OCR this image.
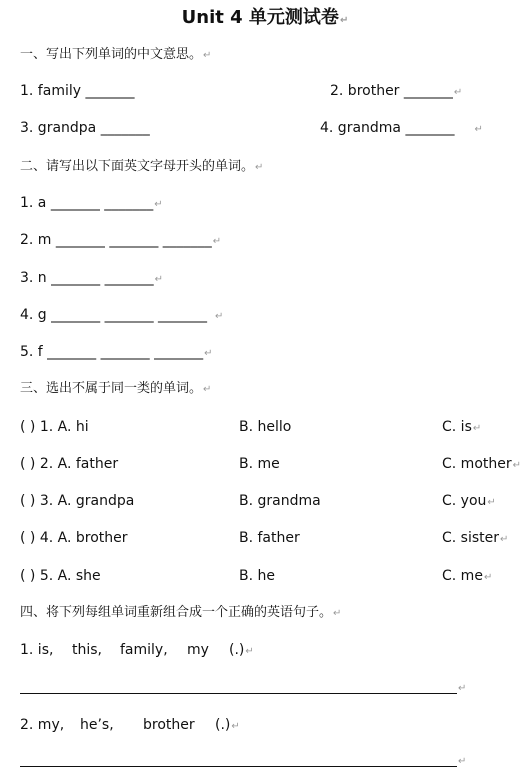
Unit 4 单元测试卷↵
一、写出下列单词的中文意思。↵
1. family _______	2. brother _______↵
3. grandpa _______	4. grandma _______ ↵
二、请写出以下面英文字母开头的单词。↵
1. a _______ _______↵
2. m _______ _______ _______↵
3. n _______ _______↵
4. g _______ _______ _______ ↵
5. f _______ _______ _______↵
三、选出不属于同一类的单词。↵
( ) 1. A. hi	B. hello	C. is↵
( ) 2. A. father	B. me	C. mother↵
( ) 3. A. grandpa	B. grandma	C. you↵
( ) 4. A. brother	B. father	C. sister↵
( ) 5. A. she	B. he	C. me↵
四、将下列每组单词重新组合成一个正确的英语句子。↵
1. is, this, family, my (.)↵
↵
2. my, he’s, brother (.)↵
↵
